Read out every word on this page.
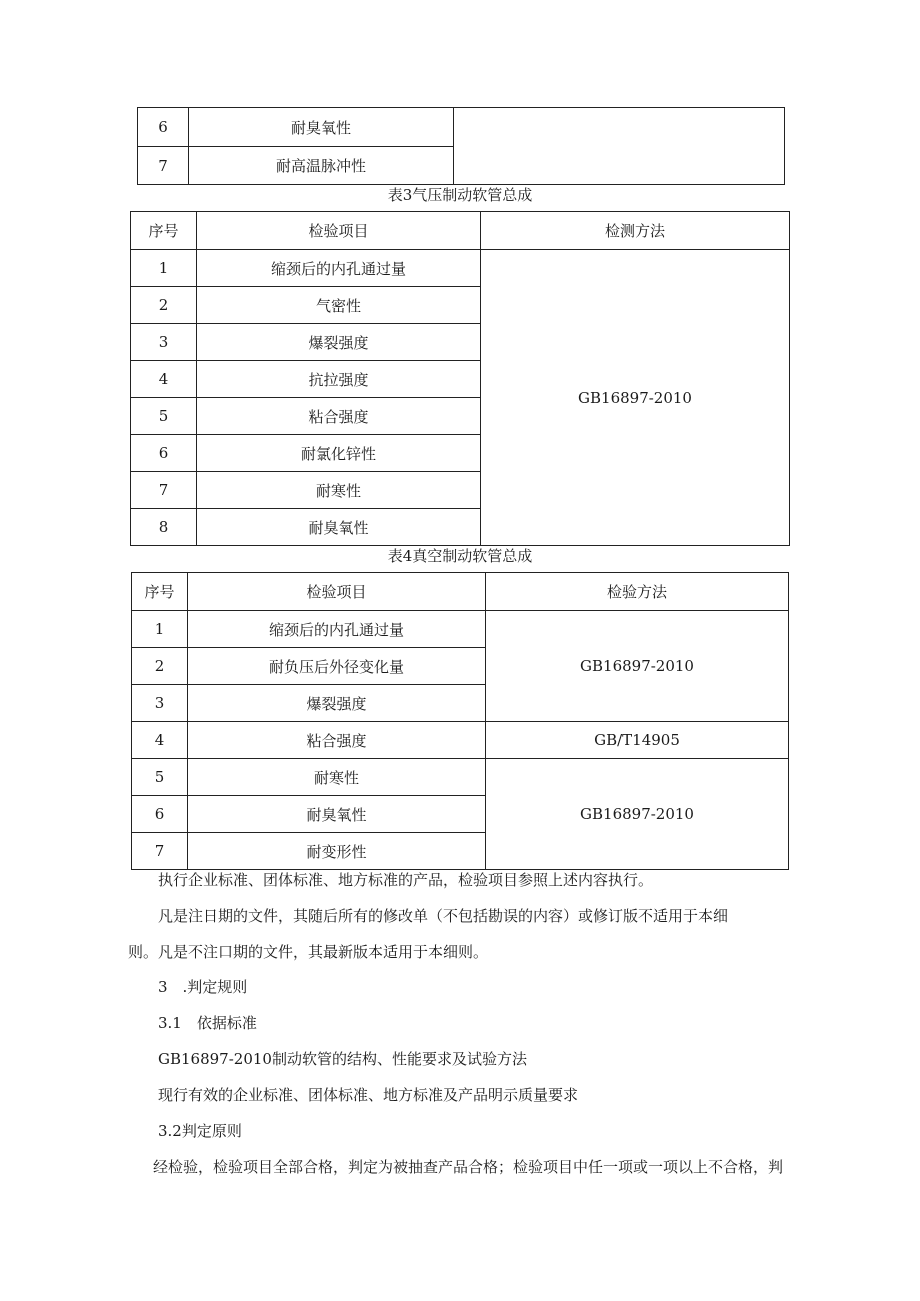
6	耐臭氧性	
7	耐高温脉冲性	
表3气压制动软管总成
序号	检验项目	检测方法
1	缩颈后的内孔通过量	GB16897-2010
2	气密性	
3	爆裂强度	
4	抗拉强度	
5	粘合强度	
6	耐氯化锌性	
7	耐寒性	
8	耐臭氧性	
表4真空制动软管总成
序号	检验项目	检验方法
1	缩颈后的内孔通过量	GB16897-2010
2	耐负压后外径变化量	
3	爆裂强度	
4	粘合强度	GB/T14905
5	耐寒性	GB16897-2010
6	耐臭氧性	
7	耐变形性	
执行企业标准、团体标准、地方标准的产品，检验项目参照上述内容执行。
凡是注日期的文件，其随后所有的修改单（不包括勘误的内容）或修订版不适用于本细
则。凡是不注口期的文件，其最新版本适用于本细则。
3　.判定规则
3.1　依据标准
GB16897-2010制动软管的结构、性能要求及试验方法
现行有效的企业标准、团体标准、地方标准及产品明示质量要求
3.2判定原则
经检验，检验项目全部合格，判定为被抽查产品合格；检验项目中任一项或一项以上不合格，判
